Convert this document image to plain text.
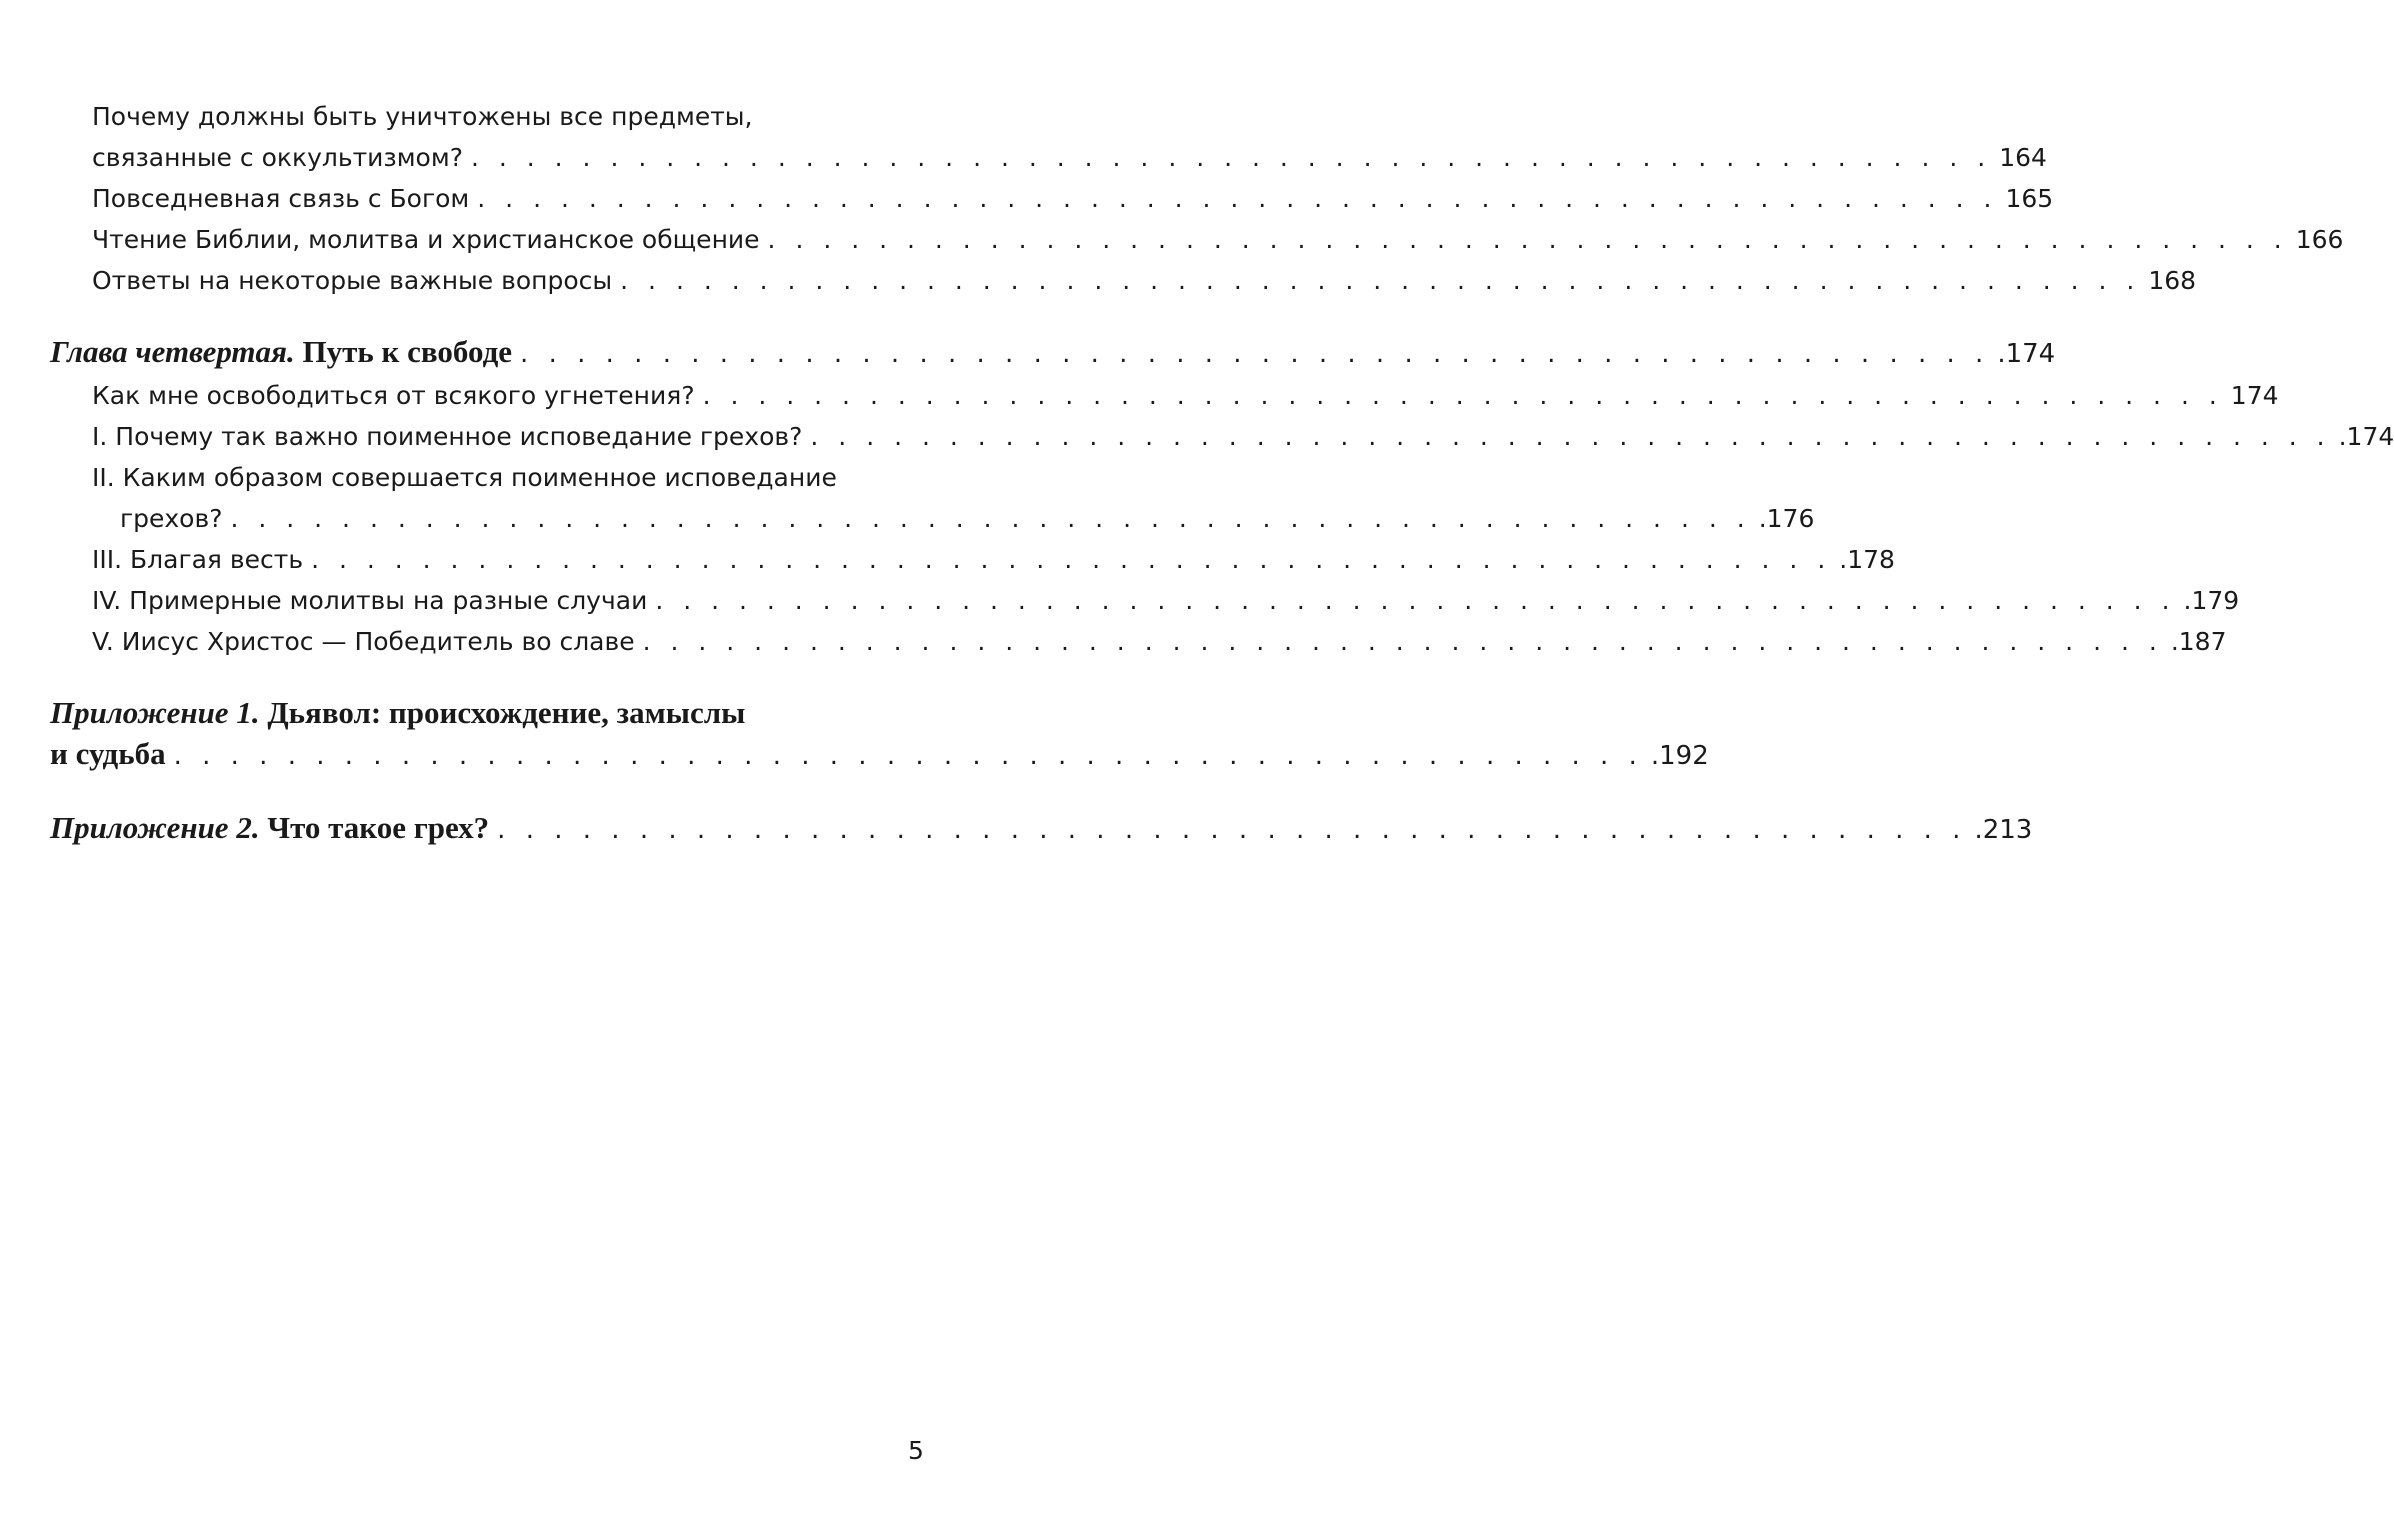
Почему должны быть уничтожены все предметы,
связанные с оккультизмом? . . . . . . . . . . . . . . . . . . . . . . . . . . . . . . . . . . . . . . . . . . . . . . . . . . . . . . . 164
Повседневная связь с Богом . . . . . . . . . . . . . . . . . . . . . . . . . . . . . . . . . . . . . . . . . . . . . . . . . . . . . . . 165
Чтение Библии, молитва и христианское общение . . . . . . . . . . . . . . . . . . . . . . . . . . . . . . . . . . . . . . . . . . . . . . . . . . . . . . . 166
Ответы на некоторые важные вопросы . . . . . . . . . . . . . . . . . . . . . . . . . . . . . . . . . . . . . . . . . . . . . . . . . . . . . . . 168
Глава четвертая. Путь к свободе . . . . . . . . . . . . . . . . . . . . . . . . . . . . . . . . . . . . . . . . . . . . . . . . . . . . .174
Как мне освободиться от всякого угнетения? . . . . . . . . . . . . . . . . . . . . . . . . . . . . . . . . . . . . . . . . . . . . . . . . . . . . . . . 174
I. Почему так важно поименное исповедание грехов? . . . . . . . . . . . . . . . . . . . . . . . . . . . . . . . . . . . . . . . . . . . . . . . . . . . . . . . .174
II. Каким образом совершается поименное исповедание
грехов? . . . . . . . . . . . . . . . . . . . . . . . . . . . . . . . . . . . . . . . . . . . . . . . . . . . . . . . .176
III. Благая весть . . . . . . . . . . . . . . . . . . . . . . . . . . . . . . . . . . . . . . . . . . . . . . . . . . . . . . . .178
IV. Примерные молитвы на разные случаи . . . . . . . . . . . . . . . . . . . . . . . . . . . . . . . . . . . . . . . . . . . . . . . . . . . . . . . .179
V. Иисус Христос — Победитель во славе . . . . . . . . . . . . . . . . . . . . . . . . . . . . . . . . . . . . . . . . . . . . . . . . . . . . . . . .187
Приложение 1. Дьявол: происхождение, замыслы
и судьба . . . . . . . . . . . . . . . . . . . . . . . . . . . . . . . . . . . . . . . . . . . . . . . . . . . . .192
Приложение 2. Что такое грех? . . . . . . . . . . . . . . . . . . . . . . . . . . . . . . . . . . . . . . . . . . . . . . . . . . . . .213
5
